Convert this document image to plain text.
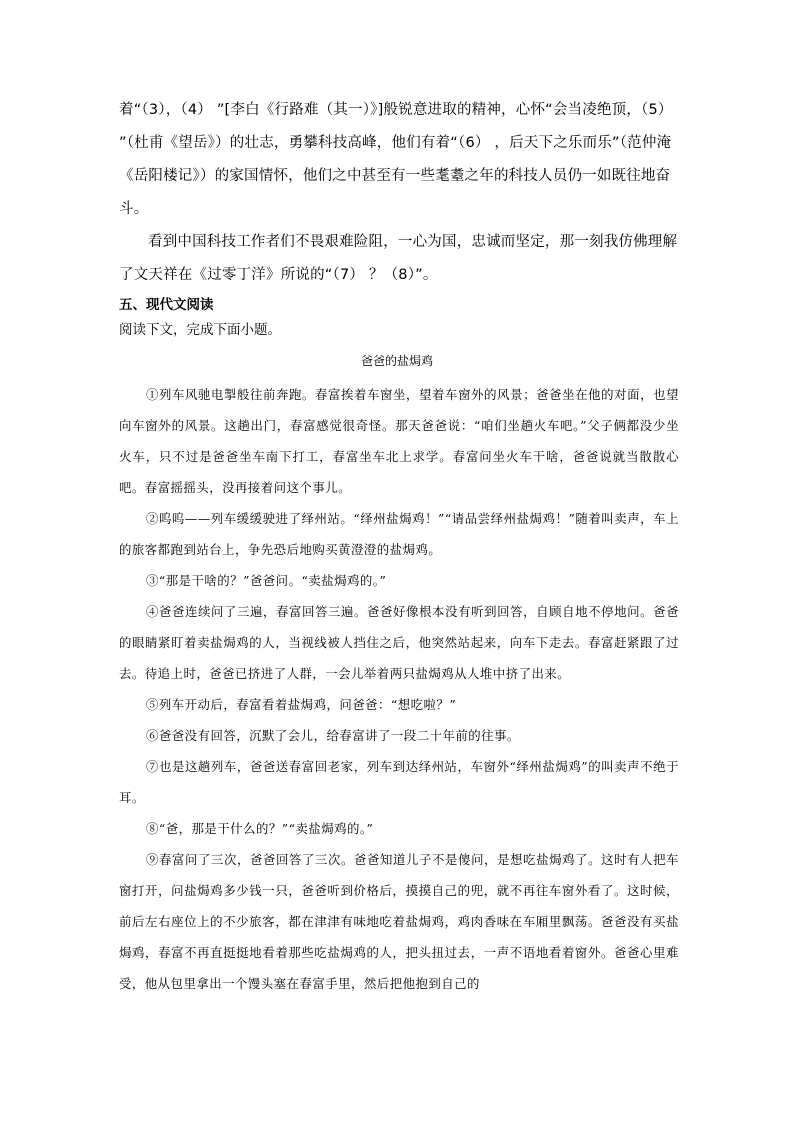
着“（3），（4） ”[李白《行路难（其一）》]般锐意进取的精神，心怀“会当凌绝顶，（5） ”（杜甫《望岳》）的壮志，勇攀科技高峰，他们有着“（6） ，后天下之乐而乐”（范仲淹《岳阳楼记》）的家国情怀，他们之中甚至有一些耄耋之年的科技人员仍一如既往地奋斗。

看到中国科技工作者们不畏艰难险阻，一心为国，忠诚而坚定，那一刻我仿佛理解了文天祥在《过零丁洋》所说的“（7） ？（8）”。

五、现代文阅读
阅读下文，完成下面小题。
爸爸的盐焗鸡

①列车风驰电掣般往前奔跑。春富挨着车窗坐，望着车窗外的风景；爸爸坐在他的对面，也望向车窗外的风景。这趟出门，春富感觉很奇怪。那天爸爸说：“咱们坐趟火车吧。”父子俩都没少坐火车，只不过是爸爸坐车南下打工，春富坐车北上求学。春富问坐火车干啥，爸爸说就当散散心吧。春富摇摇头，没再接着问这个事儿。

②呜呜——列车缓缓驶进了绎州站。“绎州盐焗鸡！”“请品尝绎州盐焗鸡！”随着叫卖声，车上的旅客都跑到站台上，争先恐后地购买黄澄澄的盐焗鸡。

③“那是干啥的？”爸爸问。“卖盐焗鸡的。”

④爸爸连续问了三遍，春富回答三遍。爸爸好像根本没有听到回答，自顾自地不停地问。爸爸的眼睛紧盯着卖盐焗鸡的人，当视线被人挡住之后，他突然站起来，向车下走去。春富赶紧跟了过去。待追上时，爸爸已挤进了人群，一会儿举着两只盐焗鸡从人堆中挤了出来。

⑤列车开动后，春富看着盐焗鸡，问爸爸：“想吃啦？”

⑥爸爸没有回答，沉默了会儿，给春富讲了一段二十年前的往事。

⑦也是这趟列车，爸爸送春富回老家，列车到达绎州站，车窗外“绎州盐焗鸡”的叫卖声不绝于耳。

⑧“爸，那是干什么的？”“卖盐焗鸡的。”

⑨春富问了三次，爸爸回答了三次。爸爸知道儿子不是傻问，是想吃盐焗鸡了。这时有人把车窗打开，问盐焗鸡多少钱一只，爸爸听到价格后，摸摸自己的兜，就不再往车窗外看了。这时候，前后左右座位上的不少旅客，都在津津有味地吃着盐焗鸡，鸡肉香味在车厢里飘荡。爸爸没有买盐焗鸡，春富不再直挺挺地看着那些吃盐焗鸡的人，把头扭过去，一声不语地看着窗外。爸爸心里难受，他从包里拿出一个馒头塞在春富手里，然后把他抱到自己的
